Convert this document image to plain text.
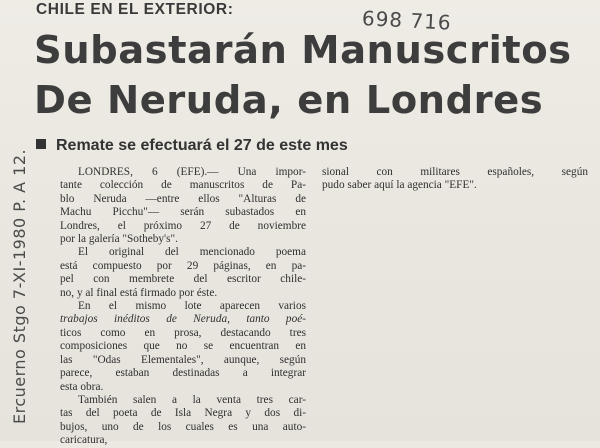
CHILE EN EL EXTERIOR:	698 716
Ercuerno Stgo 7-XI-1980 P. A 12.
Subastarán Manuscritos
De Neruda, en Londres
Remate se efectuará el 27 de este mes
LONDRES, 6 (EFE).— Una impor-
tante colección de manuscritos de Pa-
blo Neruda —entre ellos "Alturas de
Machu Picchu"— serán subastados en
Londres, el próximo 27 de noviembre
por la galería "Sotheby's".
El original del mencionado poema
está compuesto por 29 páginas, en pa-
pel con membrete del escritor chile-
no, y al final está firmado por éste.
En el mismo lote aparecen varios
trabajos inéditos de Neruda, tanto poé-
ticos como en prosa, destacando tres
composiciones que no se encuentran en
las "Odas Elementales", aunque, según
parece, estaban destinadas a integrar
esta obra.
También salen a la venta tres car-
tas del poeta de Isla Negra y dos di-
bujos, uno de los cuales es una auto-
caricatura,
sional con militares españoles, según
pudo saber aquí la agencia "EFE".
